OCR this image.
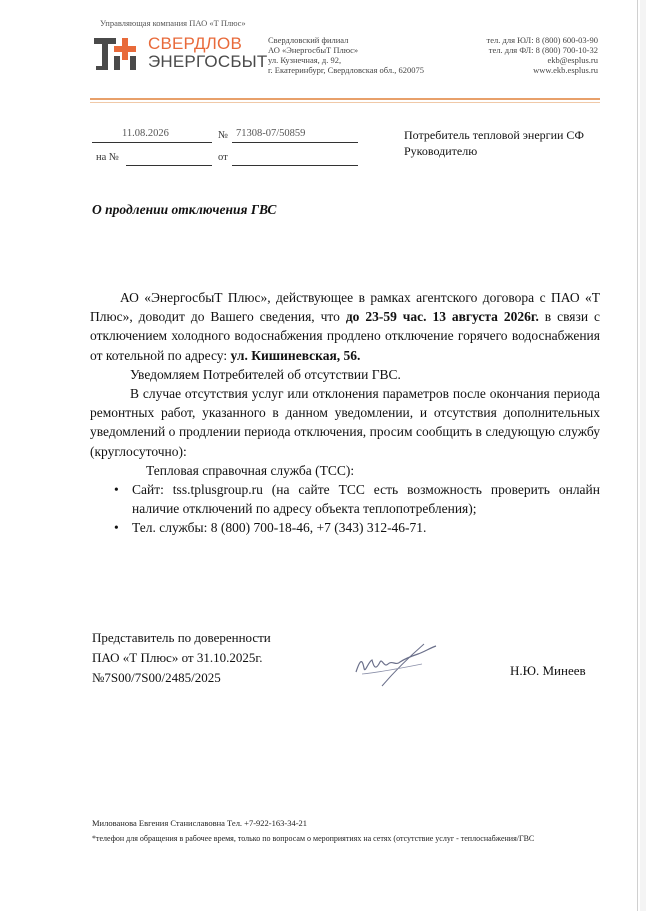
Управляющая компания ПАО «Т Плюс»
СВЕРДЛОВ
ЭНЕРГОСБЫТ
Свердловский филиал
АО «ЭнергосбыТ Плюс»
ул. Кузнечная, д. 92,
г. Екатеринбург, Свердловская обл., 620075
тел. для ЮЛ: 8 (800) 600-03-90
тел. для ФЛ: 8 (800) 700-10-32
ekb@esplus.ru
www.ekb.esplus.ru
11.08.2026	№ 71308-07/50859
на №	от
Потребитель тепловой энергии СФ
Руководителю
О продлении отключения ГВС

АО «ЭнергосбыТ Плюс», действующее в рамках агентского договора с ПАО «Т Плюс», доводит до Вашего сведения, что до 23-59 час. 13 августа 2026г. в связи с отключением холодного водоснабжения продлено отключение горячего водоснабжения от котельной по адресу: ул. Кишиневская, 56.

Уведомляем Потребителей об отсутствии ГВС.

В случае отсутствия услуг или отклонения параметров после окончания периода ремонтных работ, указанного в данном уведомлении, и отсутствия дополнительных уведомлений о продлении периода отключения, просим сообщить в следующую службу (круглосуточно):

Тепловая справочная служба (ТСС):

• Сайт: tss.tplusgroup.ru (на сайте ТСС есть возможность проверить онлайн наличие отключений по адресу объекта теплопотребления);
• Тел. службы: 8 (800) 700-18-46, +7 (343) 312-46-71.
Представитель по доверенности
ПАО «Т Плюс» от 31.10.2025г.
№7S00/7S00/2485/2025	Н.Ю. Минеев
Милованова Евгения Станиславовна Тел. +7-922-163-34-21
*телефон для обращения в рабочее время, только по вопросам о мероприятиях на сетях (отсутствие услуг - теплоснабжения/ГВС
